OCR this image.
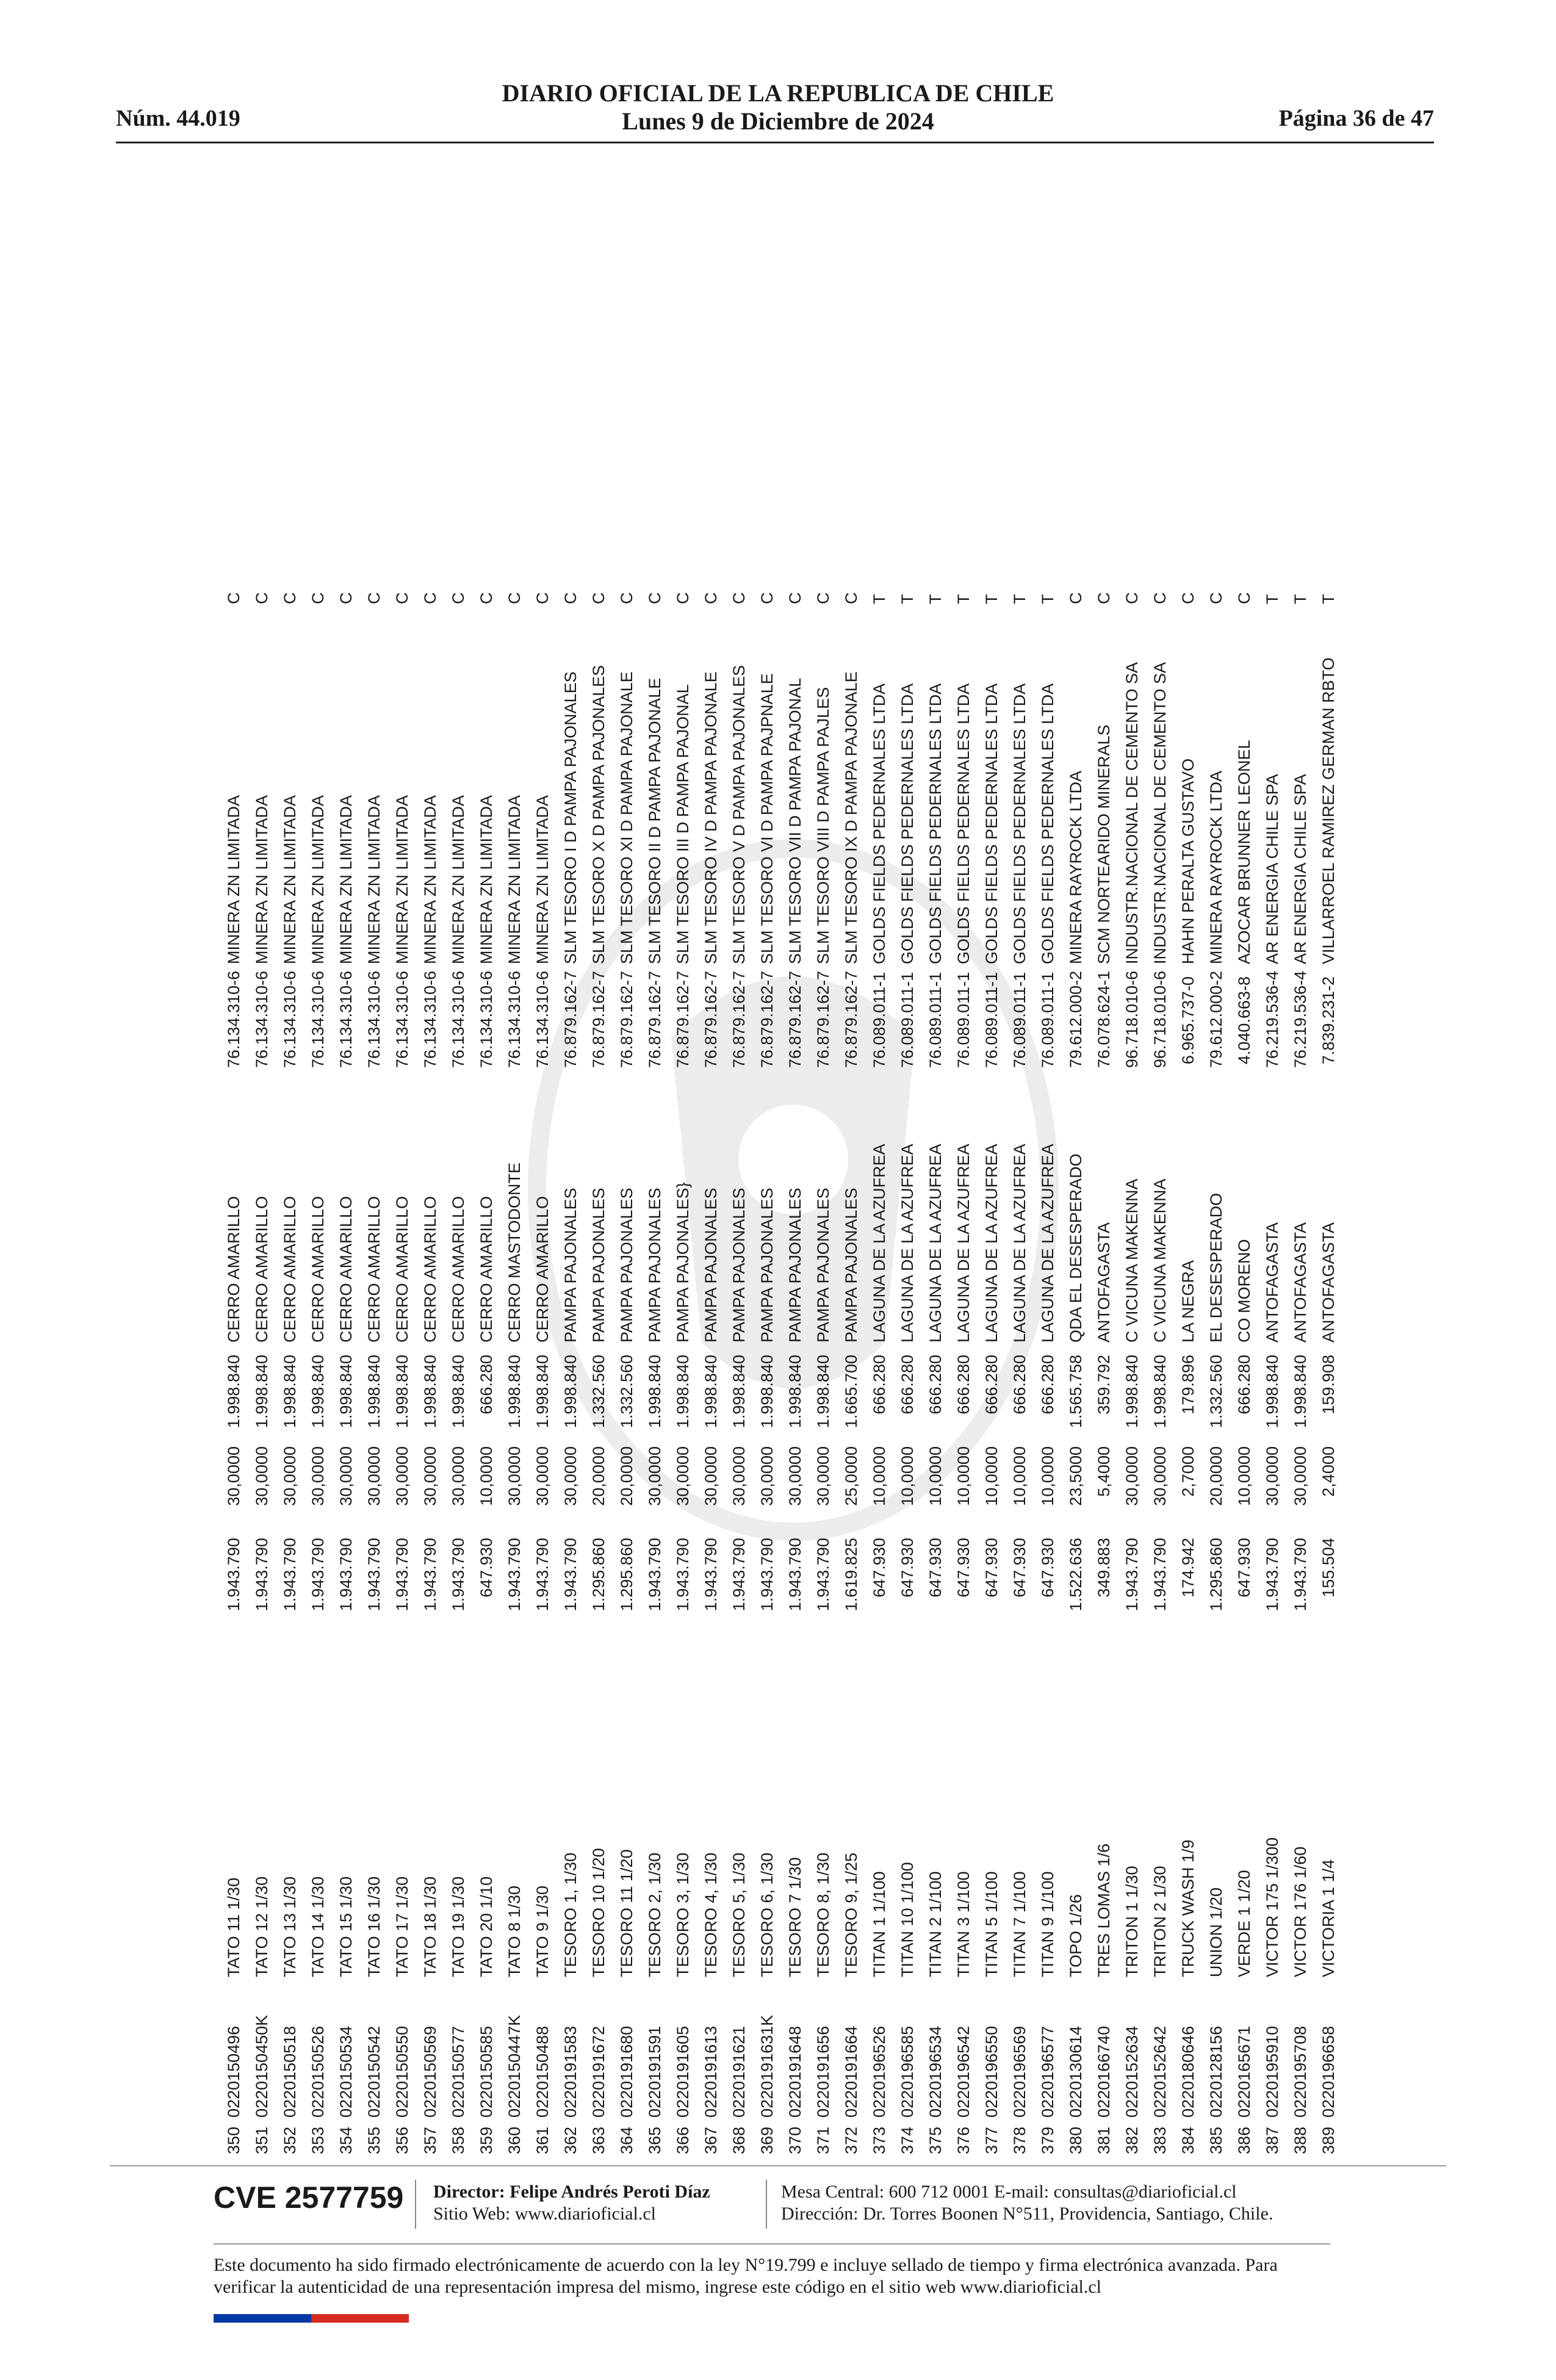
Núm. 44.019
DIARIO OFICIAL DE LA REPUBLICA DE CHILE
Lunes 9 de Diciembre de 2024	Página 36 de 47
350
0220150496
TATO 11 1/30
1.943.790
30,0000
1.998.840
CERRO AMARILLO
76.134.310-6
MINERA ZN LIMITADA
C
351
0220150450K
TATO 12 1/30
1.943.790
30,0000
1.998.840
CERRO AMARILLO
76.134.310-6
MINERA ZN LIMITADA
C
352
0220150518
TATO 13 1/30
1.943.790
30,0000
1.998.840
CERRO AMARILLO
76.134.310-6
MINERA ZN LIMITADA
C
353
0220150526
TATO 14 1/30
1.943.790
30,0000
1.998.840
CERRO AMARILLO
76.134.310-6
MINERA ZN LIMITADA
C
354
0220150534
TATO 15 1/30
1.943.790
30,0000
1.998.840
CERRO AMARILLO
76.134.310-6
MINERA ZN LIMITADA
C
355
0220150542
TATO 16 1/30
1.943.790
30,0000
1.998.840
CERRO AMARILLO
76.134.310-6
MINERA ZN LIMITADA
C
356
0220150550
TATO 17 1/30
1.943.790
30,0000
1.998.840
CERRO AMARILLO
76.134.310-6
MINERA ZN LIMITADA
C
357
0220150569
TATO 18 1/30
1.943.790
30,0000
1.998.840
CERRO AMARILLO
76.134.310-6
MINERA ZN LIMITADA
C
358
0220150577
TATO 19 1/30
1.943.790
30,0000
1.998.840
CERRO AMARILLO
76.134.310-6
MINERA ZN LIMITADA
C
359
0220150585
TATO 20 1/10
647.930
10,0000
666.280
CERRO AMARILLO
76.134.310-6
MINERA ZN LIMITADA
C
360
0220150447K
TATO 8 1/30
1.943.790
30,0000
1.998.840
CERRO MASTODONTE
76.134.310-6
MINERA ZN LIMITADA
C
361
0220150488
TATO 9 1/30
1.943.790
30,0000
1.998.840
CERRO AMARILLO
76.134.310-6
MINERA ZN LIMITADA
C
362
0220191583
TESORO 1, 1/30
1.943.790
30,0000
1.998.840
PAMPA PAJONALES
76.879.162-7
SLM TESORO I D PAMPA PAJONALES
C
363
0220191672
TESORO 10 1/20
1.295.860
20,0000
1.332.560
PAMPA PAJONALES
76.879.162-7
SLM TESORO X D PAMPA PAJONALES
C
364
0220191680
TESORO 11 1/20
1.295.860
20,0000
1.332.560
PAMPA PAJONALES
76.879.162-7
SLM TESORO XI D PAMPA PAJONALE
C
365
0220191591
TESORO 2, 1/30
1.943.790
30,0000
1.998.840
PAMPA PAJONALES
76.879.162-7
SLM TESORO II D PAMPA PAJONALE
C
366
0220191605
TESORO 3, 1/30
1.943.790
30,0000
1.998.840
PAMPA PAJONALES}
76.879.162-7
SLM TESORO III D PAMPA PAJONAL
C
367
0220191613
TESORO 4, 1/30
1.943.790
30,0000
1.998.840
PAMPA PAJONALES
76.879.162-7
SLM TESORO IV D PAMPA PAJONALE
C
368
0220191621
TESORO 5, 1/30
1.943.790
30,0000
1.998.840
PAMPA PAJONALES
76.879.162-7
SLM TESORO V D PAMPA PAJONALES
C
369
0220191631K
TESORO 6, 1/30
1.943.790
30,0000
1.998.840
PAMPA PAJONALES
76.879.162-7
SLM TESORO VI D PAMPA PAJPNALE
C
370
0220191648
TESORO 7 1/30
1.943.790
30,0000
1.998.840
PAMPA PAJONALES
76.879.162-7
SLM TESORO VII D PAMPA PAJONAL
C
371
0220191656
TESORO 8, 1/30
1.943.790
30,0000
1.998.840
PAMPA PAJONALES
76.879.162-7
SLM TESORO VIII D PAMPA PAJLES
C
372
0220191664
TESORO 9, 1/25
1.619.825
25,0000
1.665.700
PAMPA PAJONALES
76.879.162-7
SLM TESORO IX D PAMPA PAJONALE
C
373
0220196526
TITAN 1 1/100
647.930
10,0000
666.280
LAGUNA DE LA AZUFREA
76.089.011-1
GOLDS FIELDS PEDERNALES LTDA
T
374
0220196585
TITAN 10 1/100
647.930
10,0000
666.280
LAGUNA DE LA AZUFREA
76.089.011-1
GOLDS FIELDS PEDERNALES LTDA
T
375
0220196534
TITAN 2 1/100
647.930
10,0000
666.280
LAGUNA DE LA AZUFREA
76.089.011-1
GOLDS FIELDS PEDERNALES LTDA
T
376
0220196542
TITAN 3 1/100
647.930
10,0000
666.280
LAGUNA DE LA AZUFREA
76.089.011-1
GOLDS FIELDS PEDERNALES LTDA
T
377
0220196550
TITAN 5 1/100
647.930
10,0000
666.280
LAGUNA DE LA AZUFREA
76.089.011-1
GOLDS FIELDS PEDERNALES LTDA
T
378
0220196569
TITAN 7 1/100
647.930
10,0000
666.280
LAGUNA DE LA AZUFREA
76.089.011-1
GOLDS FIELDS PEDERNALES LTDA
T
379
0220196577
TITAN 9 1/100
647.930
10,0000
666.280
LAGUNA DE LA AZUFREA
76.089.011-1
GOLDS FIELDS PEDERNALES LTDA
T
380
0220130614
TOPO 1/26
1.522.636
23,5000
1.565.758
QDA EL DESESPERADO
79.612.000-2
MINERA RAYROCK LTDA
C
381
0220166740
TRES LOMAS 1/6
349.883
5,4000
359.792
ANTOFAGASTA
76.078.624-1
SCM NORTEARIDO MINERALS
C
382
0220152634
TRITON 1 1/30
1.943.790
30,0000
1.998.840
C VICUNA MAKENNA
96.718.010-6
INDUSTR.NACIONAL DE CEMENTO SA
C
383
0220152642
TRITON 2 1/30
1.943.790
30,0000
1.998.840
C VICUNA MAKENNA
96.718.010-6
INDUSTR.NACIONAL DE CEMENTO SA
C
384
0220180646
TRUCK WASH 1/9
174.942
2,7000
179.896
LA NEGRA
6.965.737-0
HAHN PERALTA GUSTAVO
C
385
0220128156
UNION 1/20
1.295.860
20,0000
1.332.560
EL DESESPERADO
79.612.000-2
MINERA RAYROCK LTDA
C
386
0220165671
VERDE 1 1/20
647.930
10,0000
666.280
CO MORENO
4.040.663-8
AZOCAR BRUNNER LEONEL
C
387
0220195910
VICTOR 175 1/300
1.943.790
30,0000
1.998.840
ANTOFAGASTA
76.219.536-4
AR ENERGIA CHILE SPA
T
388
0220195708
VICTOR 176 1/60
1.943.790
30,0000
1.998.840
ANTOFAGASTA
76.219.536-4
AR ENERGIA CHILE SPA
T
389
0220196658
VICTORIA 1 1/4
155.504
2,4000
159.908
ANTOFAGASTA
7.839.231-2
VILLARROEL RAMIREZ GERMAN RBTO
T
CVE 2577759 Director: Felipe Andrés Peroti Díaz
Sitio Web: www.diarioficial.cl
Mesa Central: 600 712 0001 E-mail: consultas@diarioficial.cl
Dirección: Dr. Torres Boonen N°511, Providencia, Santiago, Chile.
Este documento ha sido firmado electrónicamente de acuerdo con la ley N°19.799 e incluye sellado de tiempo y firma electrónica avanzada. Para verificar la autenticidad de una representación impresa del mismo, ingrese este código en el sitio web www.diarioficial.cl
